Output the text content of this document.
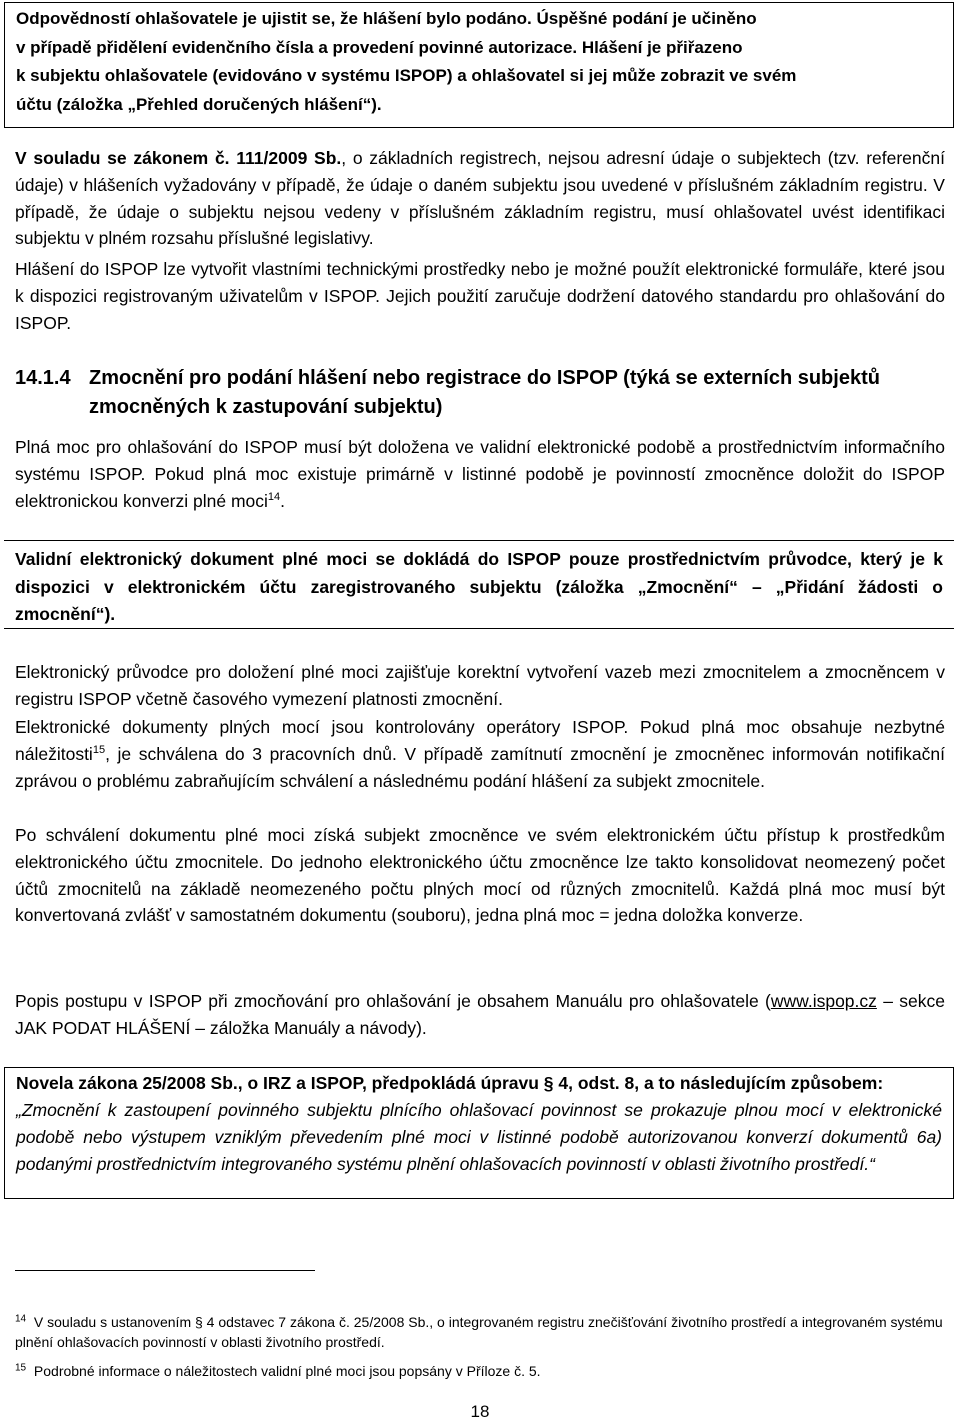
Odpovědností ohlašovatele je ujistit se, že hlášení bylo podáno. Úspěšné podání je učiněno

v případě přidělení evidenčního čísla a provedení povinné autorizace. Hlášení je přiřazeno

k subjektu ohlašovatele (evidováno v systému ISPOP) a ohlašovatel si jej může zobrazit ve svém

účtu (záložka „Přehled doručených hlášení“).

V souladu se zákonem č. 111/2009 Sb., o základních registrech, nejsou adresní údaje o subjektech (tzv. referenční údaje) v hlášeních vyžadovány v případě, že údaje o daném subjektu jsou uvedené v příslušném základním registru. V případě, že údaje o subjektu nejsou vedeny v příslušném základním registru, musí ohlašovatel uvést identifikaci subjektu v plném rozsahu příslušné legislativy.

Hlášení do ISPOP lze vytvořit vlastními technickými prostředky nebo je možné použít elektronické formuláře, které jsou k dispozici registrovaným uživatelům v ISPOP. Jejich použití zaručuje dodržení datového standardu pro ohlašování do ISPOP.

14.1.4 Zmocnění pro podání hlášení nebo registrace do ISPOP (týká se externích subjektů
zmocněných k zastupování subjektu)

Plná moc pro ohlašování do ISPOP musí být doložena ve validní elektronické podobě a prostřednictvím informačního systému ISPOP. Pokud plná moc existuje primárně v listinné podobě je povinností zmocněnce doložit do ISPOP elektronickou konverzi plné moci$^{14}$.

Validní elektronický dokument plné moci se dokládá do ISPOP pouze prostřednictvím průvodce, který je k dispozici v elektronickém účtu zaregistrovaného subjektu (záložka „Zmocnění“ – „Přidání žádosti o zmocnění“).

Elektronický průvodce pro doložení plné moci zajišťuje korektní vytvoření vazeb mezi zmocnitelem a zmocněncem v registru ISPOP včetně časového vymezení platnosti zmocnění.

Elektronické dokumenty plných mocí jsou kontrolovány operátory ISPOP. Pokud plná moc obsahuje nezbytné náležitosti$^{15}$, je schválena do 3 pracovních dnů. V případě zamítnutí zmocnění je zmocněnec informován notifikační zprávou o problému zabraňujícím schválení a následnému podání hlášení za subjekt zmocnitele.

Po schválení dokumentu plné moci získá subjekt zmocněnce ve svém elektronickém účtu přístup k prostředkům elektronického účtu zmocnitele. Do jednoho elektronického účtu zmocněnce lze takto konsolidovat neomezený počet účtů zmocnitelů na základě neomezeného počtu plných mocí od různých zmocnitelů. Každá plná moc musí být konvertovaná zvlášť v samostatném dokumentu (souboru), jedna plná moc = jedna doložka konverze.

Popis postupu v ISPOP při zmocňování pro ohlašování je obsahem Manuálu pro ohlašovatele (www.ispop.cz – sekce JAK PODAT HLÁŠENÍ – záložka Manuály a návody).

Novela zákona 25/2008 Sb., o IRZ a ISPOP, předpokládá úpravu § 4, odst. 8, a to následujícím způsobem:

„Zmocnění k zastoupení povinného subjektu plnícího ohlašovací povinnost se prokazuje plnou mocí v elektronické podobě nebo výstupem vzniklým převedením plné moci v listinné podobě autorizovanou konverzí dokumentů 6a) podanými prostřednictvím integrovaného systému plnění ohlašovacích povinností v oblasti životního prostředí.“

$^{14}$ V souladu s ustanovením § 4 odstavec 7 zákona č. 25/2008 Sb., o integrovaném registru znečišťování životního prostředí a integrovaném systému plnění ohlašovacích povinností v oblasti životního prostředí.
$^{15}$ Podrobné informace o náležitostech validní plné moci jsou popsány v Příloze č. 5.
18
